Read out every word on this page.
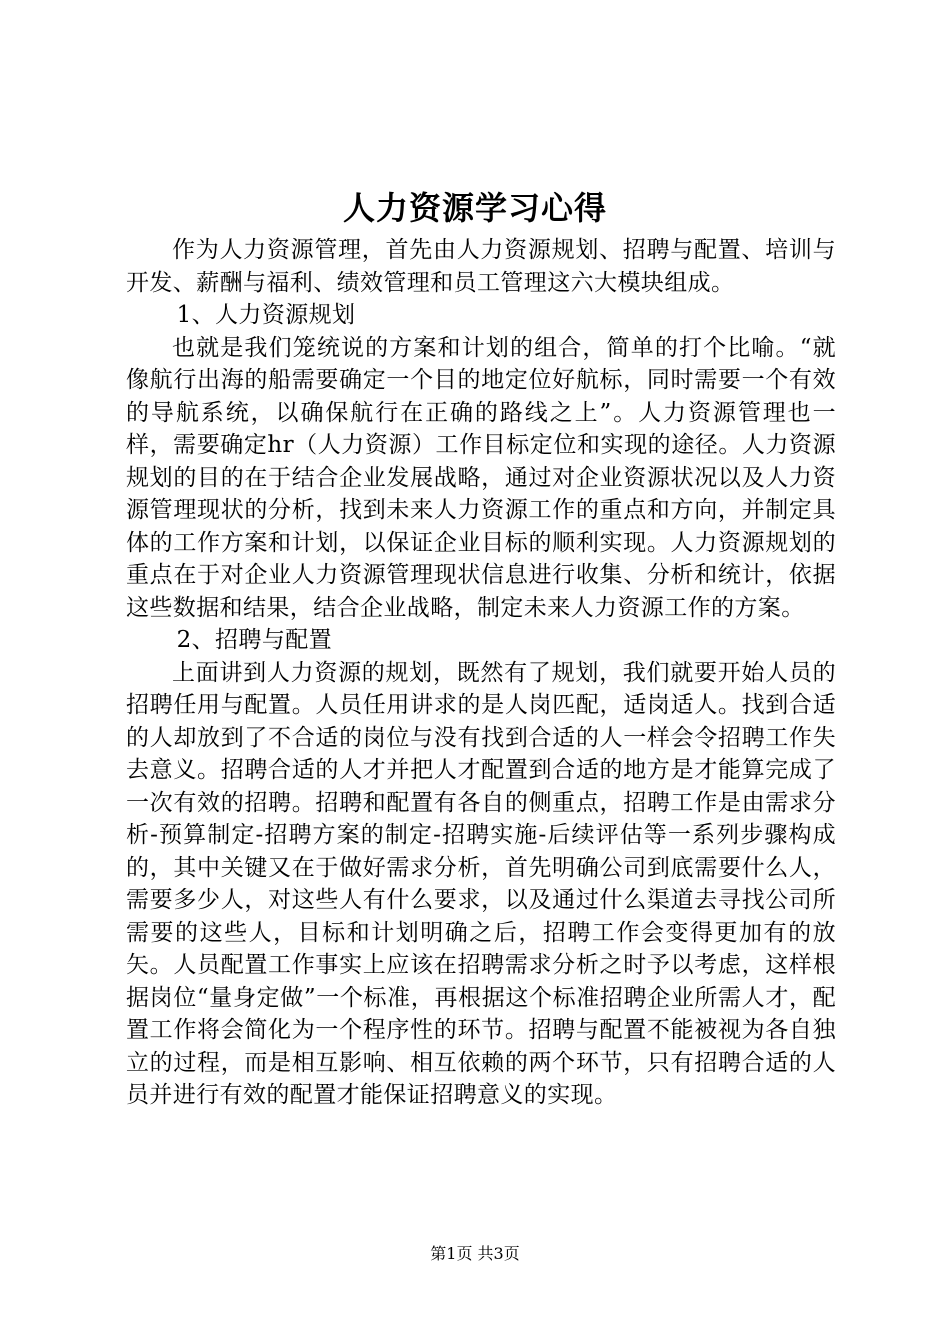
人力资源学习心得

作为人力资源管理，首先由人力资源规划、招聘与配置、培训与开发、薪酬与福利、绩效管理和员工管理这六大模块组成。

1、人力资源规划

也就是我们笼统说的方案和计划的组合，简单的打个比喻。“就像航行出海的船需要确定一个目的地定位好航标，同时需要一个有效的导航系统，以确保航行在正确的路线之上”。人力资源管理也一样，需要确定hr（人力资源）工作目标定位和实现的途径。人力资源规划的目的在于结合企业发展战略，通过对企业资源状况以及人力资源管理现状的分析，找到未来人力资源工作的重点和方向，并制定具体的工作方案和计划，以保证企业目标的顺利实现。人力资源规划的重点在于对企业人力资源管理现状信息进行收集、分析和统计，依据这些数据和结果，结合企业战略，制定未来人力资源工作的方案。

2、招聘与配置

上面讲到人力资源的规划，既然有了规划，我们就要开始人员的招聘任用与配置。人员任用讲求的是人岗匹配，适岗适人。找到合适的人却放到了不合适的岗位与没有找到合适的人一样会令招聘工作失去意义。招聘合适的人才并把人才配置到合适的地方是才能算完成了一次有效的招聘。招聘和配置有各自的侧重点，招聘工作是由需求分析-预算制定-招聘方案的制定-招聘实施-后续评估等一系列步骤构成的，其中关键又在于做好需求分析，首先明确公司到底需要什么人，需要多少人，对这些人有什么要求，以及通过什么渠道去寻找公司所需要的这些人，目标和计划明确之后，招聘工作会变得更加有的放矢。人员配置工作事实上应该在招聘需求分析之时予以考虑，这样根据岗位“量身定做”一个标准，再根据这个标准招聘企业所需人才，配置工作将会简化为一个程序性的环节。招聘与配置不能被视为各自独立的过程，而是相互影响、相互依赖的两个环节，只有招聘合适的人员并进行有效的配置才能保证招聘意义的实现。

第1页 共3页
